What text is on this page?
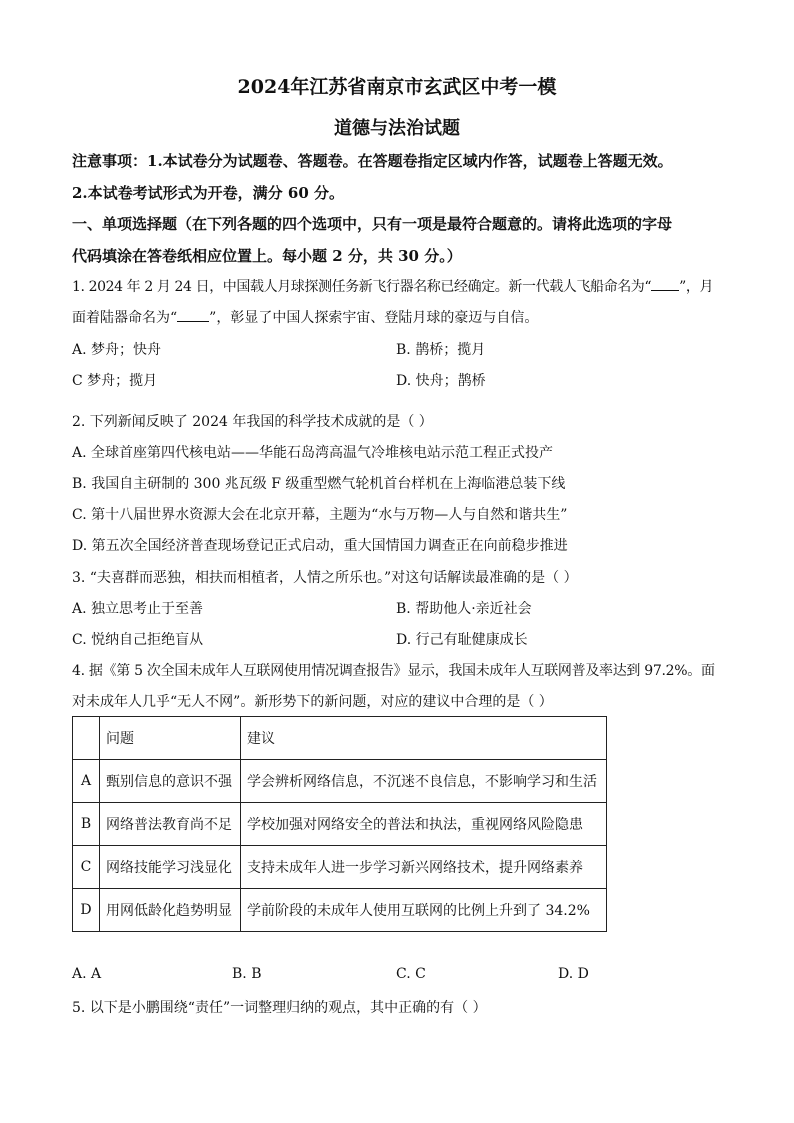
2024年江苏省南京市玄武区中考一模
道德与法治试题
注意事项：1.本试卷分为试题卷、答题卷。在答题卷指定区域内作答，试题卷上答题无效。
2.本试卷考试形式为开卷，满分 60 分。
一、单项选择题（在下列各题的四个选项中，只有一项是最符合题意的。请将此选项的字母
代码填涂在答卷纸相应位置上。每小题 2 分，共 30 分。）
1. 2024 年 2 月 24 日，中国载人月球探测任务新飞行器名称已经确定。新一代载人飞船命名为“ ”，月
面着陆器命名为“ ”，彰显了中国人探索宇宙、登陆月球的豪迈与自信。
A. 梦舟；快舟	B. 鹊桥；揽月
C 梦舟；揽月	D. 快舟；鹊桥
2. 下列新闻反映了 2024 年我国的科学技术成就的是（ ）
A. 全球首座第四代核电站——华能石岛湾高温气冷堆核电站示范工程正式投产
B. 我国自主研制的 300 兆瓦级 F 级重型燃气轮机首台样机在上海临港总装下线
C. 第十八届世界水资源大会在北京开幕，主题为“水与万物—人与自然和谐共生”
D. 第五次全国经济普查现场登记正式启动，重大国情国力调查正在向前稳步推进
3. “夫喜群而恶独，相扶而相植者，人情之所乐也。”对这句话解读最准确的是（ ）
A. 独立思考止于至善	B. 帮助他人·亲近社会
C. 悦纳自己拒绝盲从	D. 行己有耻健康成长
4. 据《第 5 次全国未成年人互联网使用情况调查报告》显示，我国未成年人互联网普及率达到 97.2%。面
对未成年人几乎“无人不网”。新形势下的新问题，对应的建议中合理的是（ ）
	问题	建议
A	甄别信息的意识不强	学会辨析网络信息，不沉迷不良信息，不影响学习和生活
B	网络普法教育尚不足	学校加强对网络安全的普法和执法，重视网络风险隐患
C	网络技能学习浅显化	支持未成年人进一步学习新兴网络技术，提升网络素养
D	用网低龄化趋势明显	学前阶段的未成年人使用互联网的比例上升到了 34.2%
A. A	B. B	C. C	D. D
5. 以下是小鹏围绕“责任”一词整理归纳的观点，其中正确的有（ ）
